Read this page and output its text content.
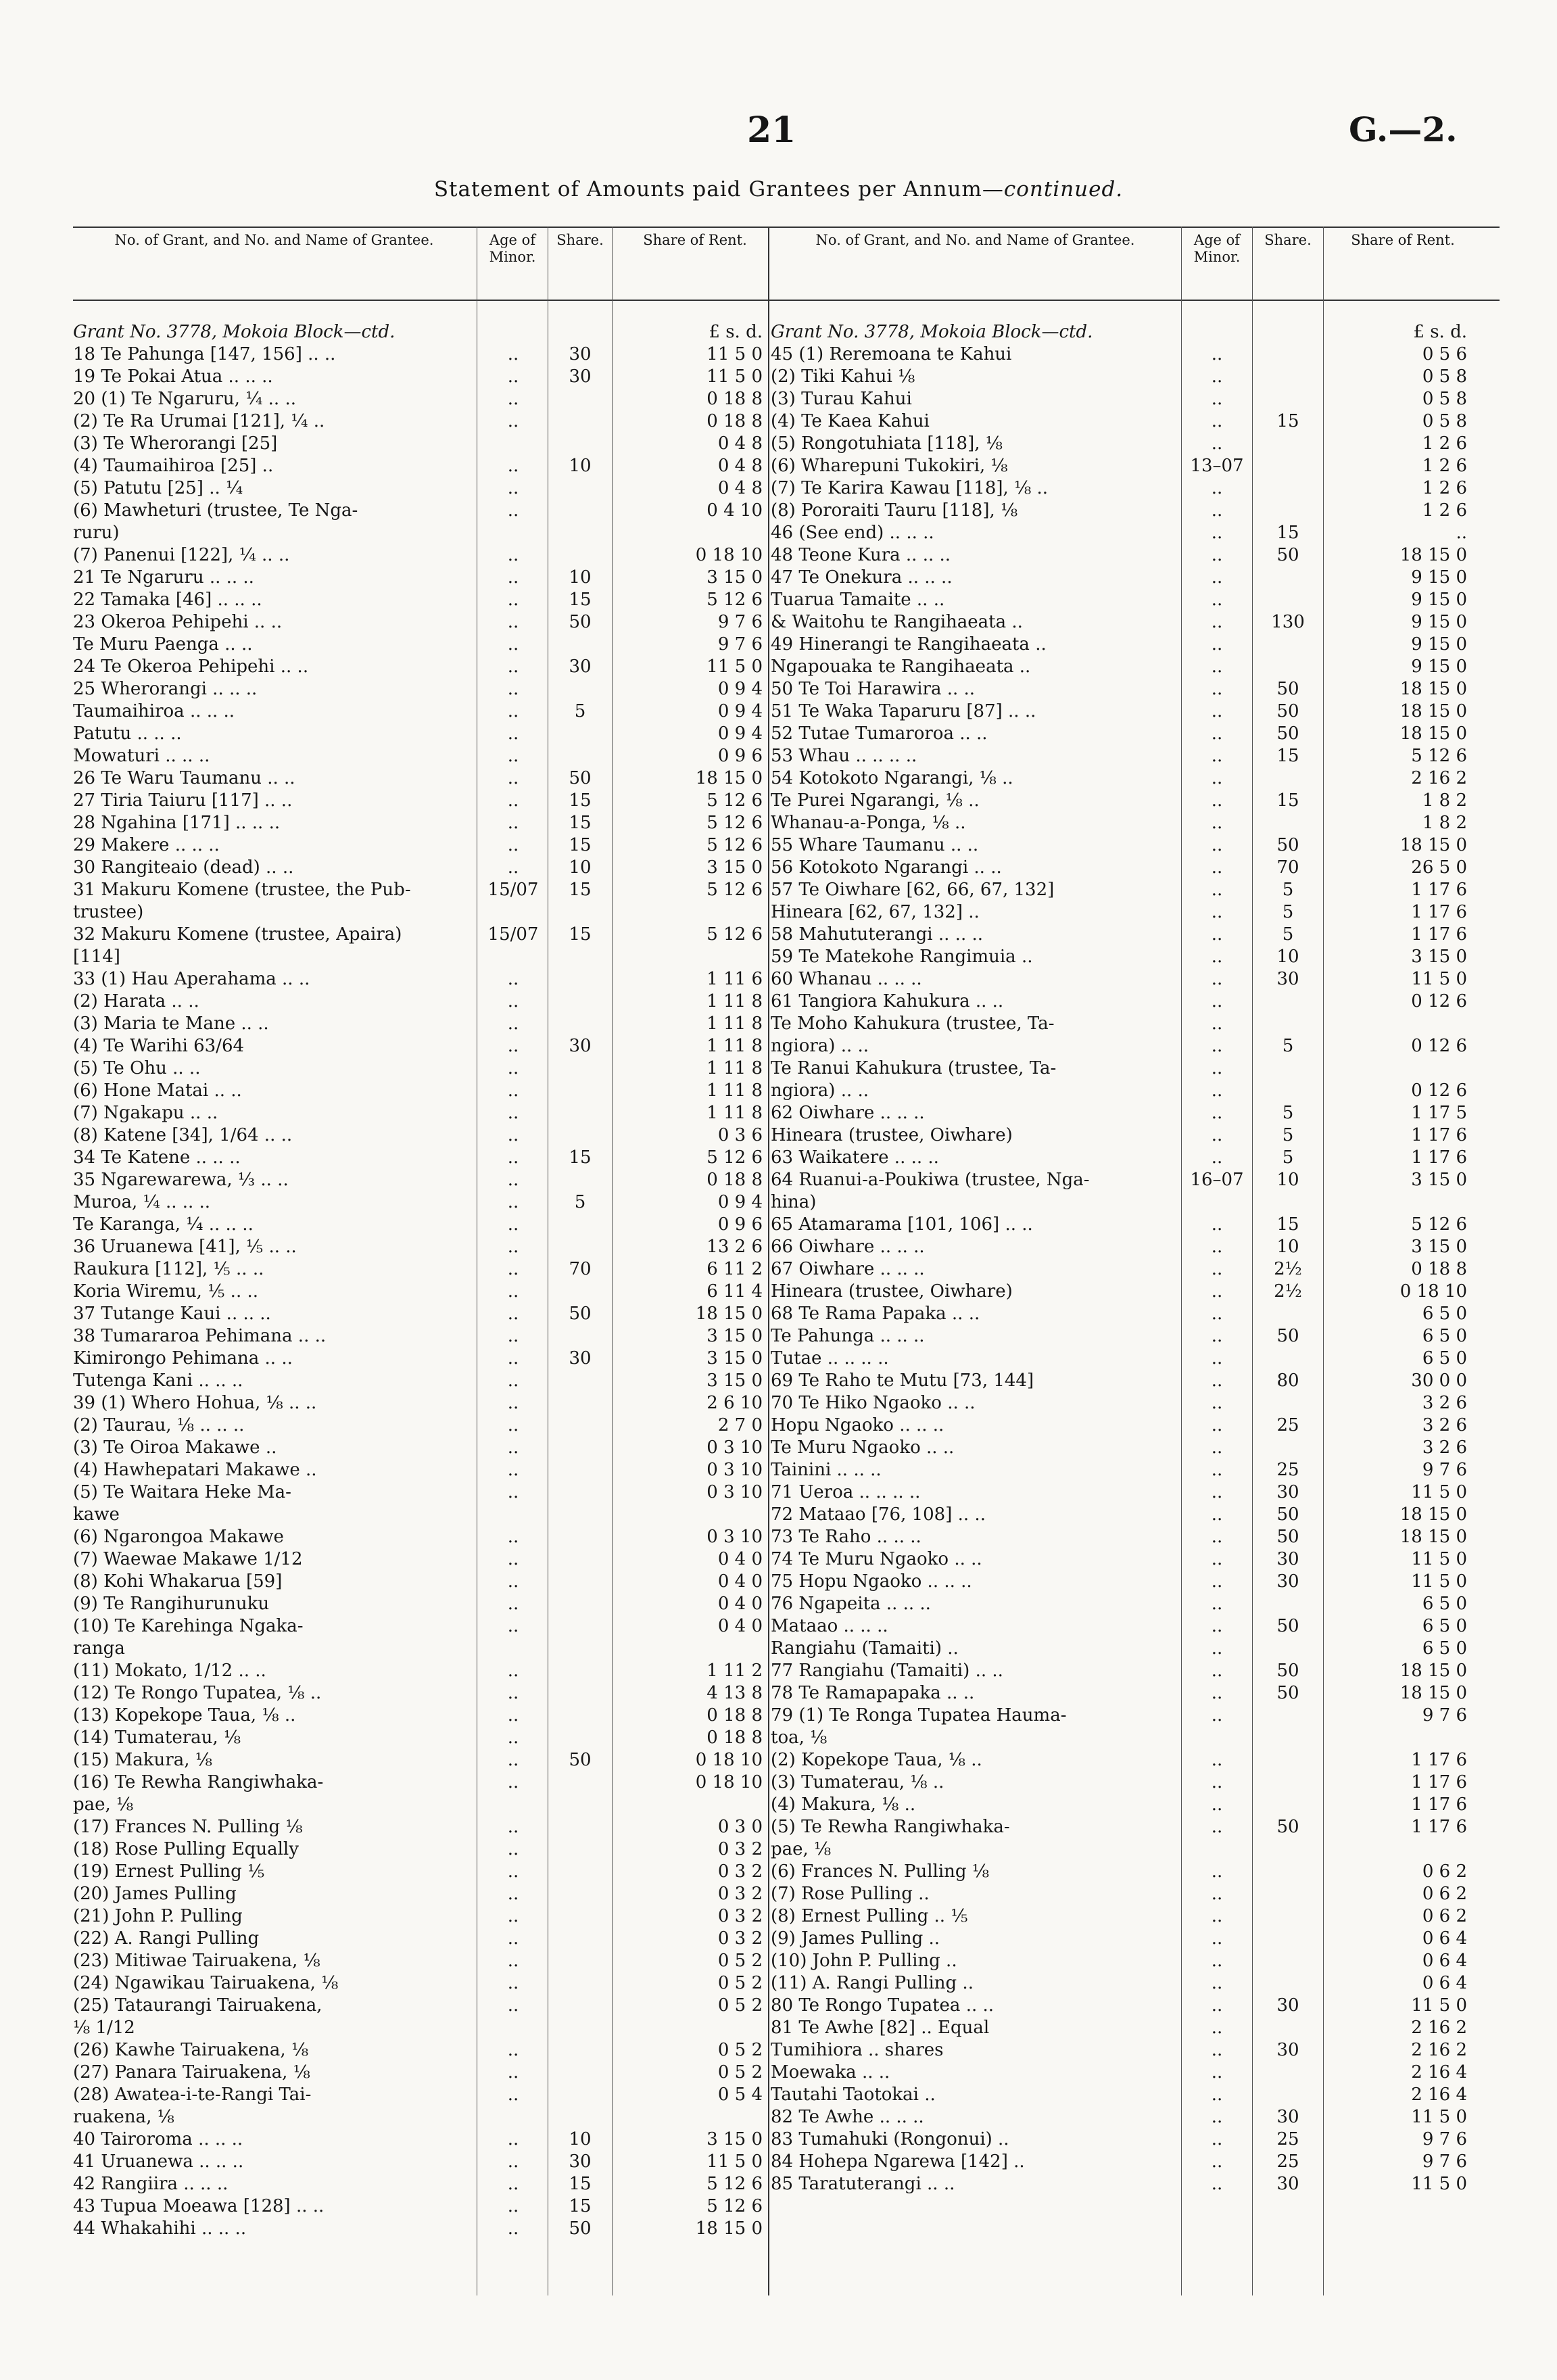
21	G.—2.
Statement of Amounts paid Grantees per Annum—continued.
No. of Grant, and No. and Name of Grantee.	Age of Minor.
Share.	Share of Rent.
Grant No. 3778, Mokoia Block—ctd.	£ s. d.
18 Te Pahunga [147, 156] .. ..	..	30	11 5 0
19 Te Pokai Atua .. .. ..	..	30	11 5 0
20 (1) Te Ngaruru, ¼ .. ..	..	0 18 8
(2) Te Ra Urumai [121], ¼ ..	..	0 18 8
(3) Te Wherorangi [25]	0 4 8
(4) Taumaihiroa [25] ..	..	10	0 4 8
(5) Patutu [25] .. ¼	..	0 4 8
(6) Mawheturi (trustee, Te Nga-	..	0 4 10
ruru)
(7) Panenui [122], ¼ .. ..	..	0 18 10
21 Te Ngaruru .. .. ..	..	10	3 15 0
22 Tamaka [46] .. .. ..	..	15	5 12 6
23 Okeroa Pehipehi .. ..	..	50	9 7 6
Te Muru Paenga .. ..	..	9 7 6
24 Te Okeroa Pehipehi .. ..	..	30	11 5 0
25 Wherorangi .. .. ..	..	0 9 4
Taumaihiroa .. .. ..	..	5	0 9 4
Patutu .. .. ..	..	0 9 4
Mowaturi .. .. ..	..	0 9 6
26 Te Waru Taumanu .. ..	..	50	18 15 0
27 Tiria Taiuru [117] .. ..	..	15	5 12 6
28 Ngahina [171] .. .. ..	..	15	5 12 6
29 Makere .. .. ..	..	15	5 12 6
30 Rangiteaio (dead) .. ..	..	10	3 15 0
31 Makuru Komene (trustee, the Pub-	15/07	15	5 12 6
trustee)
32 Makuru Komene (trustee, Apaira)	15/07	15	5 12 6
[114]
33 (1) Hau Aperahama .. ..	..	1 11 6
(2) Harata .. ..	..	1 11 8
(3) Maria te Mane .. ..	..	1 11 8
(4) Te Warihi 63/64	..	30	1 11 8
(5) Te Ohu .. ..	..	1 11 8
(6) Hone Matai .. ..	..	1 11 8
(7) Ngakapu .. ..	..	1 11 8
(8) Katene [34], 1/64 .. ..	..	0 3 6
34 Te Katene .. .. ..	..	15	5 12 6
35 Ngarewarewa, ⅓ .. ..	..	0 18 8
Muroa, ¼ .. .. ..	..	5	0 9 4
Te Karanga, ¼ .. .. ..	..	0 9 6
36 Uruanewa [41], ⅕ .. ..	..	13 2 6
Raukura [112], ⅕ .. ..	..	70	6 11 2
Koria Wiremu, ⅕ .. ..	..	6 11 4
37 Tutange Kaui .. .. ..	..	50	18 15 0
38 Tumararoa Pehimana .. ..	..	3 15 0
Kimirongo Pehimana .. ..	..	30	3 15 0
Tutenga Kani .. .. ..	..	3 15 0
39 (1) Whero Hohua, ⅛ .. ..	..	2 6 10
(2) Taurau, ⅛ .. .. ..	..	2 7 0
(3) Te Oiroa Makawe ..	..	0 3 10
(4) Hawhepatari Makawe ..	..	0 3 10
(5) Te Waitara Heke Ma-	..	0 3 10
kawe
(6) Ngarongoa Makawe	..	0 3 10
(7) Waewae Makawe 1/12	..	0 4 0
(8) Kohi Whakarua [59]	..	0 4 0
(9) Te Rangihurunuku	..	0 4 0
(10) Te Karehinga Ngaka-	..	0 4 0
ranga
(11) Mokato, 1/12 .. ..	..	1 11 2
(12) Te Rongo Tupatea, ⅛ ..	..	4 13 8
(13) Kopekope Taua, ⅛ ..	..	0 18 8
(14) Tumaterau, ⅛	..	0 18 8
(15) Makura, ⅛	..	50	0 18 10
(16) Te Rewha Rangiwhaka-	..	0 18 10
pae, ⅛
(17) Frances N. Pulling ⅛	..	0 3 0
(18) Rose Pulling Equally	..	0 3 2
(19) Ernest Pulling ⅕	..	0 3 2
(20) James Pulling	..	0 3 2
(21) John P. Pulling	..	0 3 2
(22) A. Rangi Pulling	..	0 3 2
(23) Mitiwae Tairuakena, ⅛	..	0 5 2
(24) Ngawikau Tairuakena, ⅛	..	0 5 2
(25) Tataurangi Tairuakena,	..	0 5 2
⅛ 1/12
(26) Kawhe Tairuakena, ⅛	..	0 5 2
(27) Panara Tairuakena, ⅛	..	0 5 2
(28) Awatea-i-te-Rangi Tai-	..	0 5 4
ruakena, ⅛
40 Tairoroma .. .. ..	..	10	3 15 0
41 Uruanewa .. .. ..	..	30	11 5 0
42 Rangiira .. .. ..	..	15	5 12 6
43 Tupua Moeawa [128] .. ..	..	15	5 12 6
44 Whakahihi .. .. ..	..	50	18 15 0
No. of Grant, and No. and Name of Grantee.	Age of Minor.
Share.	Share of Rent.
Grant No. 3778, Mokoia Block—ctd.	£ s. d.
45 (1) Reremoana te Kahui	..	0 5 6
(2) Tiki Kahui ⅛	..	0 5 8
(3) Turau Kahui	..	0 5 8
(4) Te Kaea Kahui	..	15	0 5 8
(5) Rongotuhiata [118], ⅛	..	1 2 6
(6) Wharepuni Tukokiri, ⅛	13–07	1 2 6
(7) Te Karira Kawau [118], ⅛ ..	..	1 2 6
(8) Pororaiti Tauru [118], ⅛	..	1 2 6
46 (See end) .. .. ..	..	15	..
48 Teone Kura .. .. ..	..	50	18 15 0
47 Te Onekura .. .. ..	..	9 15 0
Tuarua Tamaite .. ..	..	9 15 0
& Waitohu te Rangihaeata ..	..	130	9 15 0
49 Hinerangi te Rangihaeata ..	..	9 15 0
Ngapouaka te Rangihaeata ..	..	9 15 0
50 Te Toi Harawira .. ..	..	50	18 15 0
51 Te Waka Taparuru [87] .. ..	..	50	18 15 0
52 Tutae Tumaroroa .. ..	..	50	18 15 0
53 Whau .. .. .. ..	..	15	5 12 6
54 Kotokoto Ngarangi, ⅛ ..	..	2 16 2
Te Purei Ngarangi, ⅛ ..	..	15	1 8 2
Whanau-a-Ponga, ⅛ ..	..	1 8 2
55 Whare Taumanu .. ..	..	50	18 15 0
56 Kotokoto Ngarangi .. ..	..	70	26 5 0
57 Te Oiwhare [62, 66, 67, 132]	..	5	1 17 6
Hineara [62, 67, 132] ..	..	5	1 17 6
58 Mahututerangi .. .. ..	..	5	1 17 6
59 Te Matekohe Rangimuia ..	..	10	3 15 0
60 Whanau .. .. ..	..	30	11 5 0
61 Tangiora Kahukura .. ..	..	0 12 6
Te Moho Kahukura (trustee, Ta-	..
ngiora) .. ..	..	5	0 12 6
Te Ranui Kahukura (trustee, Ta-	..
ngiora) .. ..	..	0 12 6
62 Oiwhare .. .. ..	..	5	1 17 5
Hineara (trustee, Oiwhare)	..	5	1 17 6
63 Waikatere .. .. ..	..	5	1 17 6
64 Ruanui-a-Poukiwa (trustee, Nga-	16–07	10	3 15 0
hina)
65 Atamarama [101, 106] .. ..	..	15	5 12 6
66 Oiwhare .. .. ..	..	10	3 15 0
67 Oiwhare .. .. ..	..	2½	0 18 8
Hineara (trustee, Oiwhare)	..	2½	0 18 10
68 Te Rama Papaka .. ..	..	6 5 0
Te Pahunga .. .. ..	..	50	6 5 0
Tutae .. .. .. ..	..	6 5 0
69 Te Raho te Mutu [73, 144]	..	80	30 0 0
70 Te Hiko Ngaoko .. ..	..	3 2 6
Hopu Ngaoko .. .. ..	..	25	3 2 6
Te Muru Ngaoko .. ..	..	3 2 6
Tainini .. .. ..	..	25	9 7 6
71 Ueroa .. .. .. ..	..	30	11 5 0
72 Mataao [76, 108] .. ..	..	50	18 15 0
73 Te Raho .. .. ..	..	50	18 15 0
74 Te Muru Ngaoko .. ..	..	30	11 5 0
75 Hopu Ngaoko .. .. ..	..	30	11 5 0
76 Ngapeita .. .. ..	..	6 5 0
Mataao .. .. ..	..	50	6 5 0
Rangiahu (Tamaiti) ..	..	6 5 0
77 Rangiahu (Tamaiti) .. ..	..	50	18 15 0
78 Te Ramapapaka .. ..	..	50	18 15 0
79 (1) Te Ronga Tupatea Hauma-	..	9 7 6
toa, ⅛
(2) Kopekope Taua, ⅛ ..	..	1 17 6
(3) Tumaterau, ⅛ ..	..	1 17 6
(4) Makura, ⅛ ..	..	1 17 6
(5) Te Rewha Rangiwhaka-	..	50	1 17 6
pae, ⅛
(6) Frances N. Pulling ⅛	..	0 6 2
(7) Rose Pulling ..	..	0 6 2
(8) Ernest Pulling .. ⅕	..	0 6 2
(9) James Pulling ..	..	0 6 4
(10) John P. Pulling ..	..	0 6 4
(11) A. Rangi Pulling ..	..	0 6 4
80 Te Rongo Tupatea .. ..	..	30	11 5 0
81 Te Awhe [82] .. Equal	..	2 16 2
Tumihiora .. shares	..	30	2 16 2
Moewaka .. ..	..	2 16 4
Tautahi Taotokai ..	..	2 16 4
82 Te Awhe .. .. ..	..	30	11 5 0
83 Tumahuki (Rongonui) ..	..	25	9 7 6
84 Hohepa Ngarewa [142] ..	..	25	9 7 6
85 Taratuterangi .. ..	..	30	11 5 0
